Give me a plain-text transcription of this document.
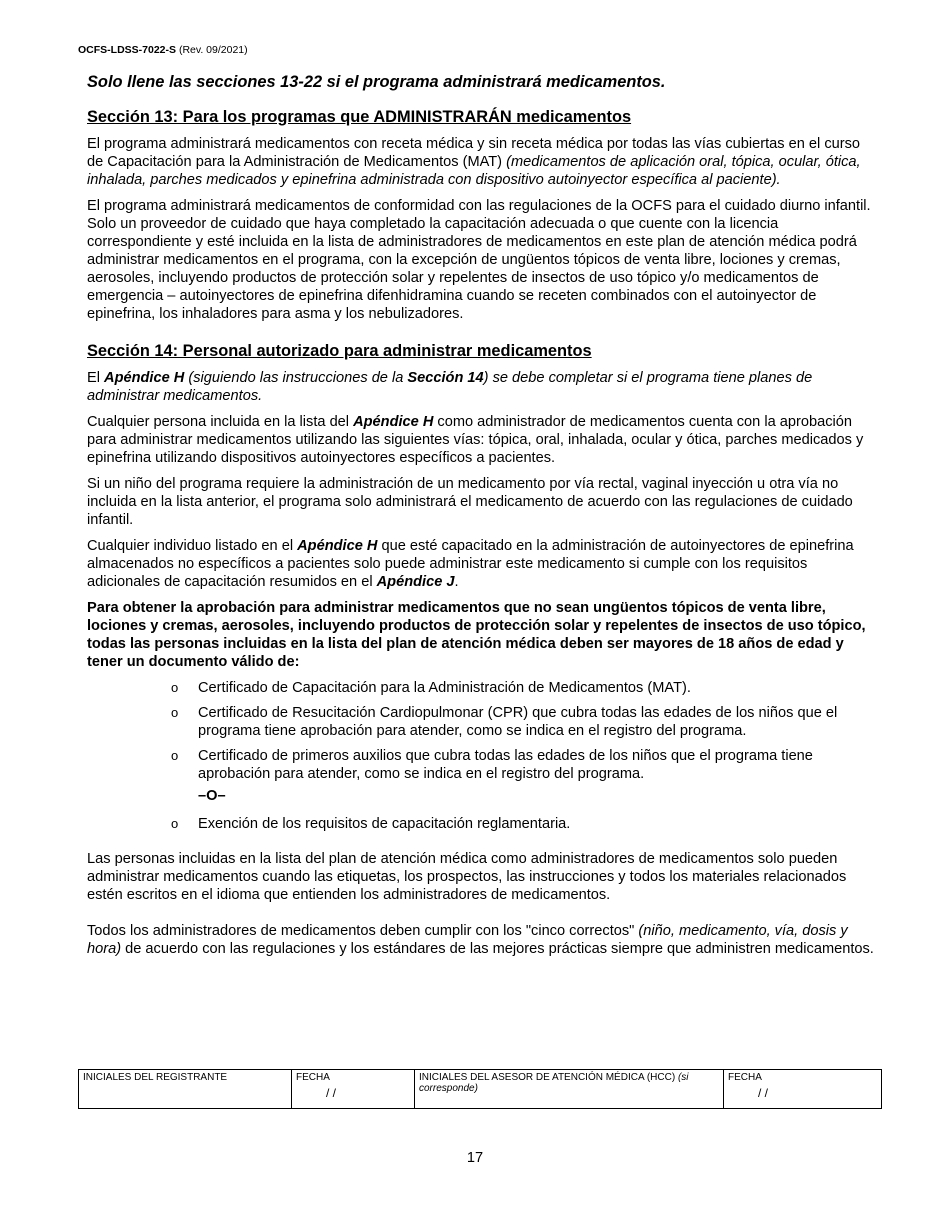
OCFS-LDSS-7022-S (Rev. 09/2021)
Solo llene las secciones 13-22 si el programa administrará medicamentos.
Sección 13: Para los programas que ADMINISTRARÁN medicamentos

El programa administrará medicamentos con receta médica y sin receta médica por todas las vías cubiertas en el curso de Capacitación para la Administración de Medicamentos (MAT) (medicamentos de aplicación oral, tópica, ocular, ótica, inhalada, parches medicados y epinefrina administrada con dispositivo autoinyector específica al paciente).

El programa administrará medicamentos de conformidad con las regulaciones de la OCFS para el cuidado diurno infantil. Solo un proveedor de cuidado que haya completado la capacitación adecuada o que cuente con la licencia correspondiente y esté incluida en la lista de administradores de medicamentos en este plan de atención médica podrá administrar medicamentos en el programa, con la excepción de ungüentos tópicos de venta libre, lociones y cremas, aerosoles, incluyendo productos de protección solar y repelentes de insectos de uso tópico y/o medicamentos de emergencia – autoinyectores de epinefrina difenhidramina cuando se receten combinados con el autoinyector de epinefrina, los inhaladores para asma y los nebulizadores.

Sección 14: Personal autorizado para administrar medicamentos

El Apéndice H (siguiendo las instrucciones de la Sección 14) se debe completar si el programa tiene planes de administrar medicamentos.

Cualquier persona incluida en la lista del Apéndice H como administrador de medicamentos cuenta con la aprobación para administrar medicamentos utilizando las siguientes vías: tópica, oral, inhalada, ocular y ótica, parches medicados y epinefrina utilizando dispositivos autoinyectores específicos a pacientes.

Si un niño del programa requiere la administración de un medicamento por vía rectal, vaginal inyección u otra vía no incluida en la lista anterior, el programa solo administrará el medicamento de acuerdo con las regulaciones de cuidado infantil.

Cualquier individuo listado en el Apéndice H que esté capacitado en la administración de autoinyectores de epinefrina almacenados no específicos a pacientes solo puede administrar este medicamento si cumple con los requisitos adicionales de capacitación resumidos en el Apéndice J.

Para obtener la aprobación para administrar medicamentos que no sean ungüentos tópicos de venta libre, lociones y cremas, aerosoles, incluyendo productos de protección solar y repelentes de insectos de uso tópico, todas las personas incluidas en la lista del plan de atención médica deben ser mayores de 18 años de edad y tener un documento válido de:
o Certificado de Capacitación para la Administración de Medicamentos (MAT).
o Certificado de Resucitación Cardiopulmonar (CPR) que cubra todas las edades de los niños que el programa tiene aprobación para atender, como se indica en el registro del programa.
o Certificado de primeros auxilios que cubra todas las edades de los niños que el programa tiene aprobación para atender, como se indica en el registro del programa.
–O–
o Exención de los requisitos de capacitación reglamentaria.

Las personas incluidas en la lista del plan de atención médica como administradores de medicamentos solo pueden administrar medicamentos cuando las etiquetas, los prospectos, las instrucciones y todos los materiales relacionados estén escritos en el idioma que entienden los administradores de medicamentos.

Todos los administradores de medicamentos deben cumplir con los "cinco correctos" (niño, medicamento, vía, dosis y hora) de acuerdo con las regulaciones y los estándares de las mejores prácticas siempre que administren medicamentos.

INICIALES DEL REGISTRANTE	FECHA
/ /
INICIALES DEL ASESOR DE ATENCIÓN MÉDICA (HCC) (si corresponde)
FECHA
/ /
17
